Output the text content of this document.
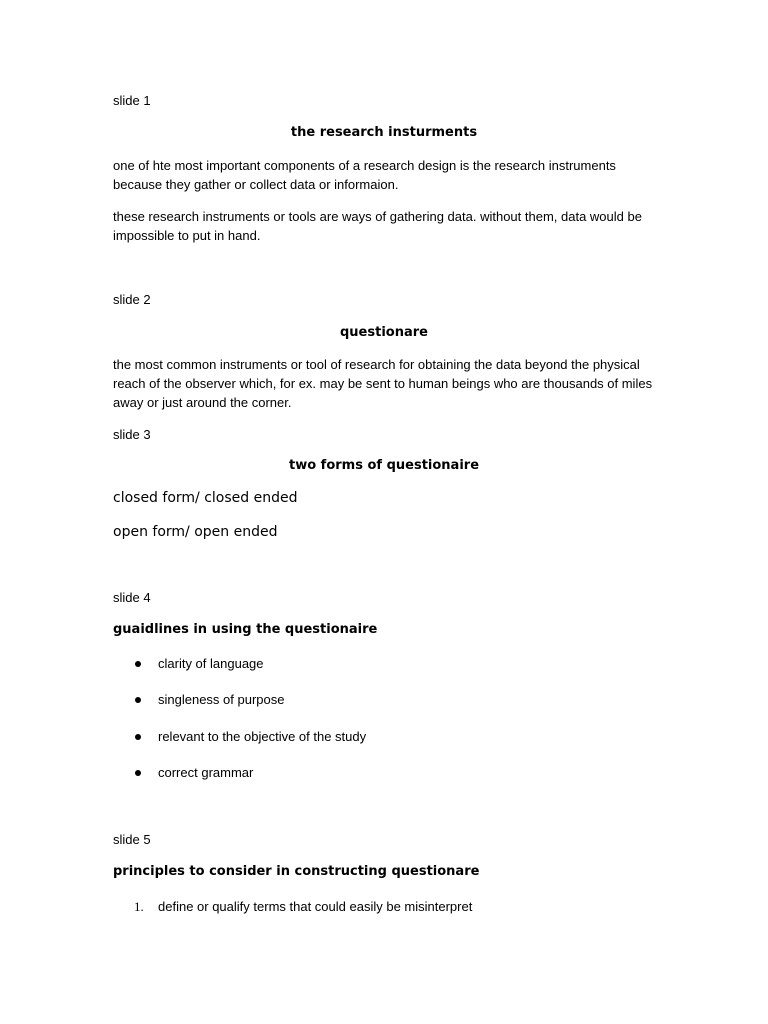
slide 1

the research insturments

one of hte most important components of a research design is the research instruments because they gather or collect data or informaion.

these research instruments or tools are ways of gathering data. without them, data would be impossible to put in hand.

slide 2

questionare

the most common instruments or tool of research for obtaining the data beyond the physical reach of the observer which, for ex. may be sent to human beings who are thousands of miles away or just around the corner.

slide 3

two forms of questionaire

closed form/ closed ended

open form/ open ended

slide 4

guaidlines in using the questionaire

clarity of language
singleness of purpose
relevant to the objective of the study
correct grammar

slide 5

principles to consider in constructing questionare

1. define or qualify terms that could easily be misinterpret
